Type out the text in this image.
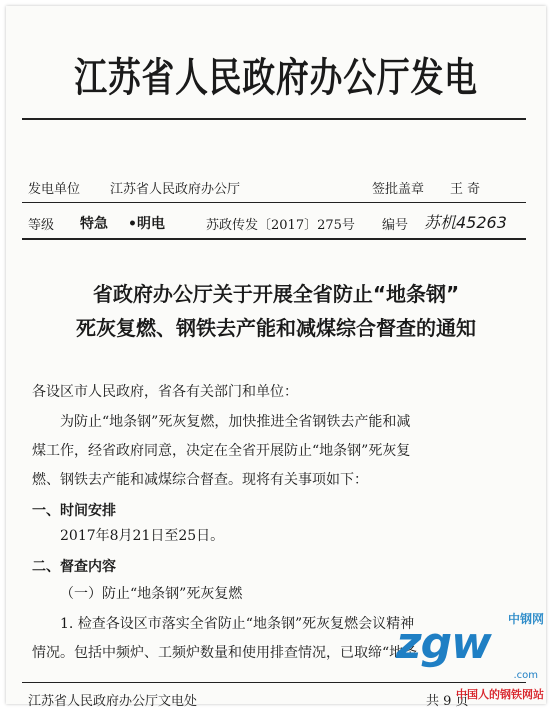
江苏省人民政府办公厅发电
发电单位 江苏省人民政府办公厅	签批盖章 王 奇
等级 特急 •明电	苏政传发〔2017〕275号 编号 苏机45263
省政府办公厅关于开展全省防止“地条钢”
死灰复燃、钢铁去产能和减煤综合督查的通知
各设区市人民政府，省各有关部门和单位：
为防止“地条钢”死灰复燃，加快推进全省钢铁去产能和减
煤工作，经省政府同意，决定在全省开展防止“地条钢”死灰复
燃、钢铁去产能和减煤综合督查。现将有关事项如下：
一、时间安排
2017年8月21日至25日。
二、督查内容
（一）防止“地条钢”死灰复燃
1. 检查各设区市落实全省防止“地条钢”死灰复燃会议精神
情况。包括中频炉、工频炉数量和使用排查情况，已取缔“地条
江苏省人民政府办公厅文电处	共 9 页
中钢网
zgw
.com
中国人的钢铁网站
